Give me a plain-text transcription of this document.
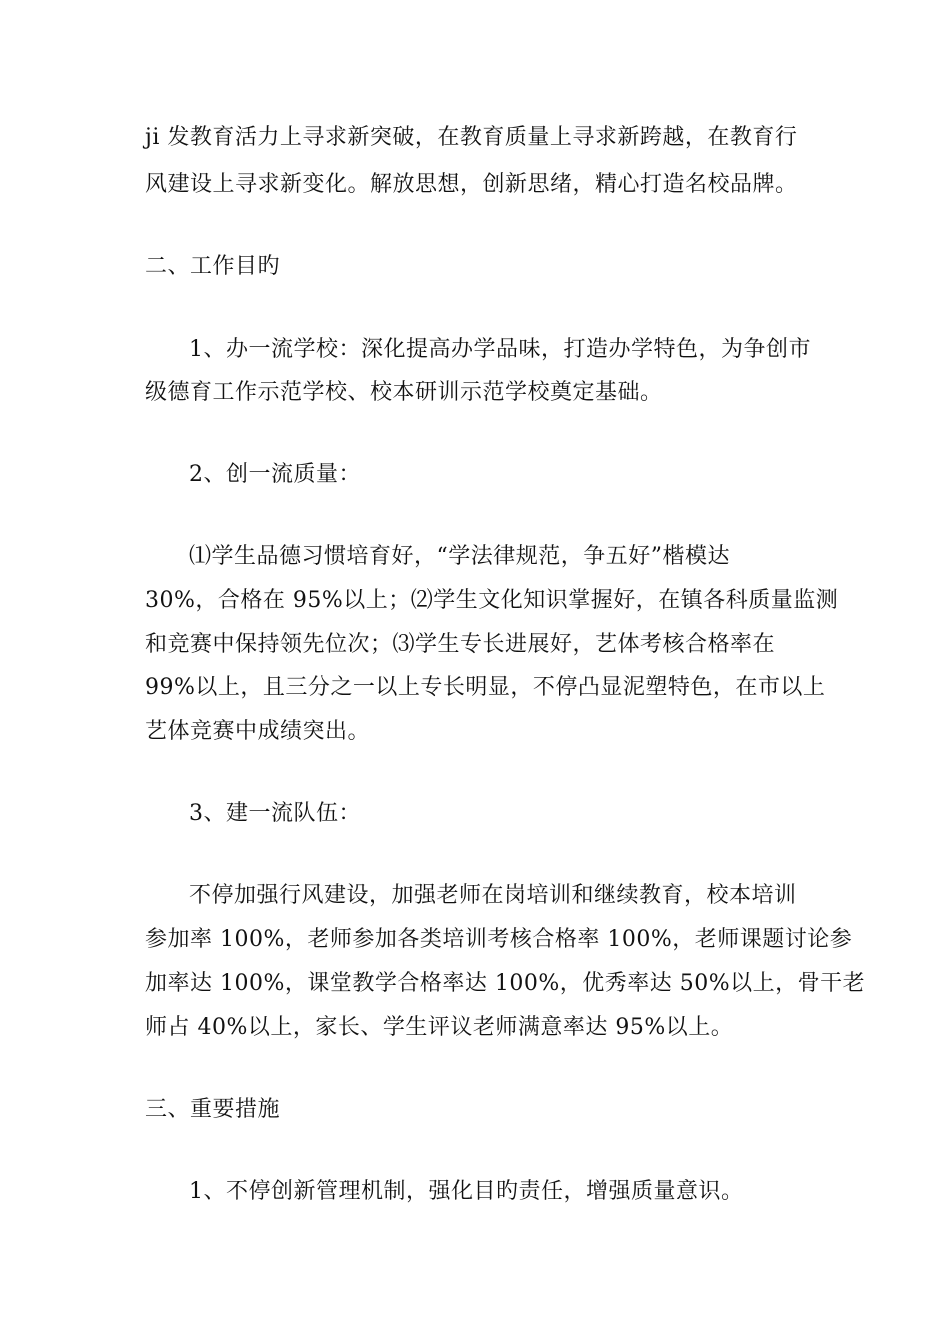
ji 发教育活力上寻求新突破，在教育质量上寻求新跨越，在教育行
风建设上寻求新变化。解放思想，创新思绪，精心打造名校品牌。
二、工作目旳
1、办一流学校：深化提高办学品味，打造办学特色，为争创市
级德育工作示范学校、校本研训示范学校奠定基础。
2、创一流质量：
⑴学生品德习惯培育好，“学法律规范，争五好”楷模达
30%，合格在 95%以上；⑵学生文化知识掌握好，在镇各科质量监测
和竞赛中保持领先位次；⑶学生专长进展好，艺体考核合格率在
99%以上，且三分之一以上专长明显，不停凸显泥塑特色，在市以上
艺体竞赛中成绩突出。
3、建一流队伍：
不停加强行风建设，加强老师在岗培训和继续教育，校本培训
参加率 100%，老师参加各类培训考核合格率 100%，老师课题讨论参
加率达 100%，课堂教学合格率达 100%，优秀率达 50%以上，骨干老
师占 40%以上，家长、学生评议老师满意率达 95%以上。
三、重要措施
1、不停创新管理机制，强化目旳责任，增强质量意识。
